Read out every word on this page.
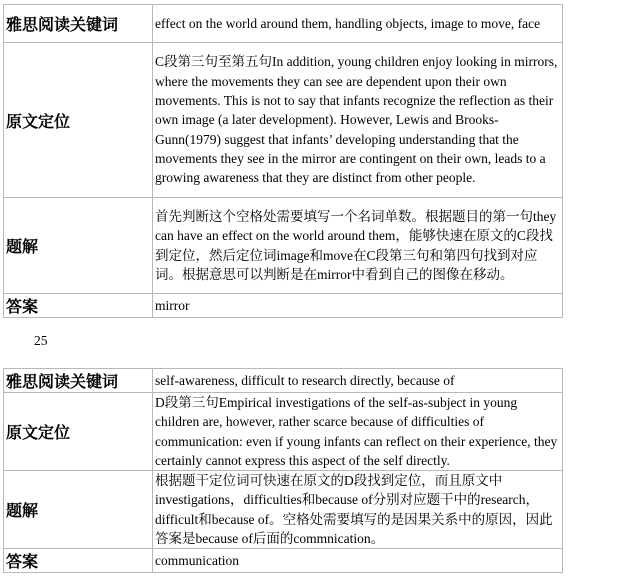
雅思阅读关键词	effect on the world around them, handling objects, image to move, face
原文定位	C段第三句至第五句In addition, young children enjoy looking in mirrors, where the movements they can see are dependent upon their own movements. This is not to say that infants recognize the reflection as their own image (a later development). However, Lewis and Brooks-Gunn(1979) suggest that infants’ developing understanding that the movements they see in the mirror are contingent on their own, leads to a growing awareness that they are distinct from other people.
题解	首先判断这个空格处需要填写一个名词单数。根据题目的第一句they can have an effect on the world around them，能够快速在原文的C段找到定位，然后定位词image和move在C段第三句和第四句找到对应词。根据意思可以判断是在mirror中看到自己的图像在移动。
答案	mirror
25
雅思阅读关键词	self-awareness, difficult to research directly, because of
原文定位	D段第三句Empirical investigations of the self-as-subject in young children are, however, rather scarce because of difficulties of communication: even if young infants can reflect on their experience, they certainly cannot express this aspect of the self directly.
题解	根据题干定位词可快速在原文的D段找到定位，而且原文中investigations，difficulties和because of分别对应题干中的research，difficult和because of。空格处需要填写的是因果关系中的原因，因此答案是because of后面的commnication。
答案	communication
